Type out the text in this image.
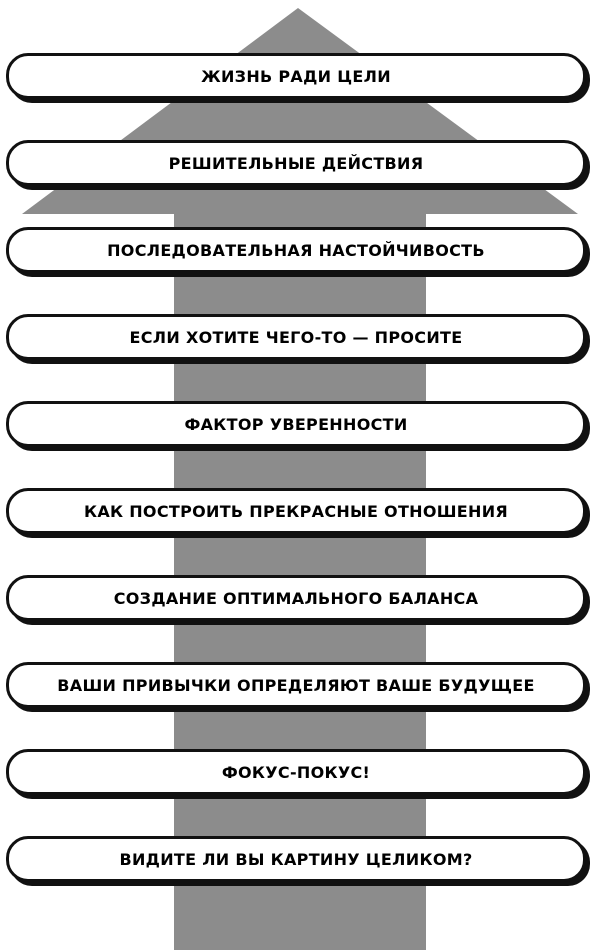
ЖИЗНЬ РАДИ ЦЕЛИ
РЕШИТЕЛЬНЫЕ ДЕЙСТВИЯ
ПОСЛЕДОВАТЕЛЬНАЯ НАСТОЙЧИВОСТЬ
ЕСЛИ ХОТИТЕ ЧЕГО-ТО — ПРОСИТЕ
ФАКТОР УВЕРЕННОСТИ
КАК ПОСТРОИТЬ ПРЕКРАСНЫЕ ОТНОШЕНИЯ
СОЗДАНИЕ ОПТИМАЛЬНОГО БАЛАНСА
ВАШИ ПРИВЫЧКИ ОПРЕДЕЛЯЮТ ВАШЕ БУДУЩЕЕ
ФОКУС-ПОКУС!
ВИДИТЕ ЛИ ВЫ КАРТИНУ ЦЕЛИКОМ?
